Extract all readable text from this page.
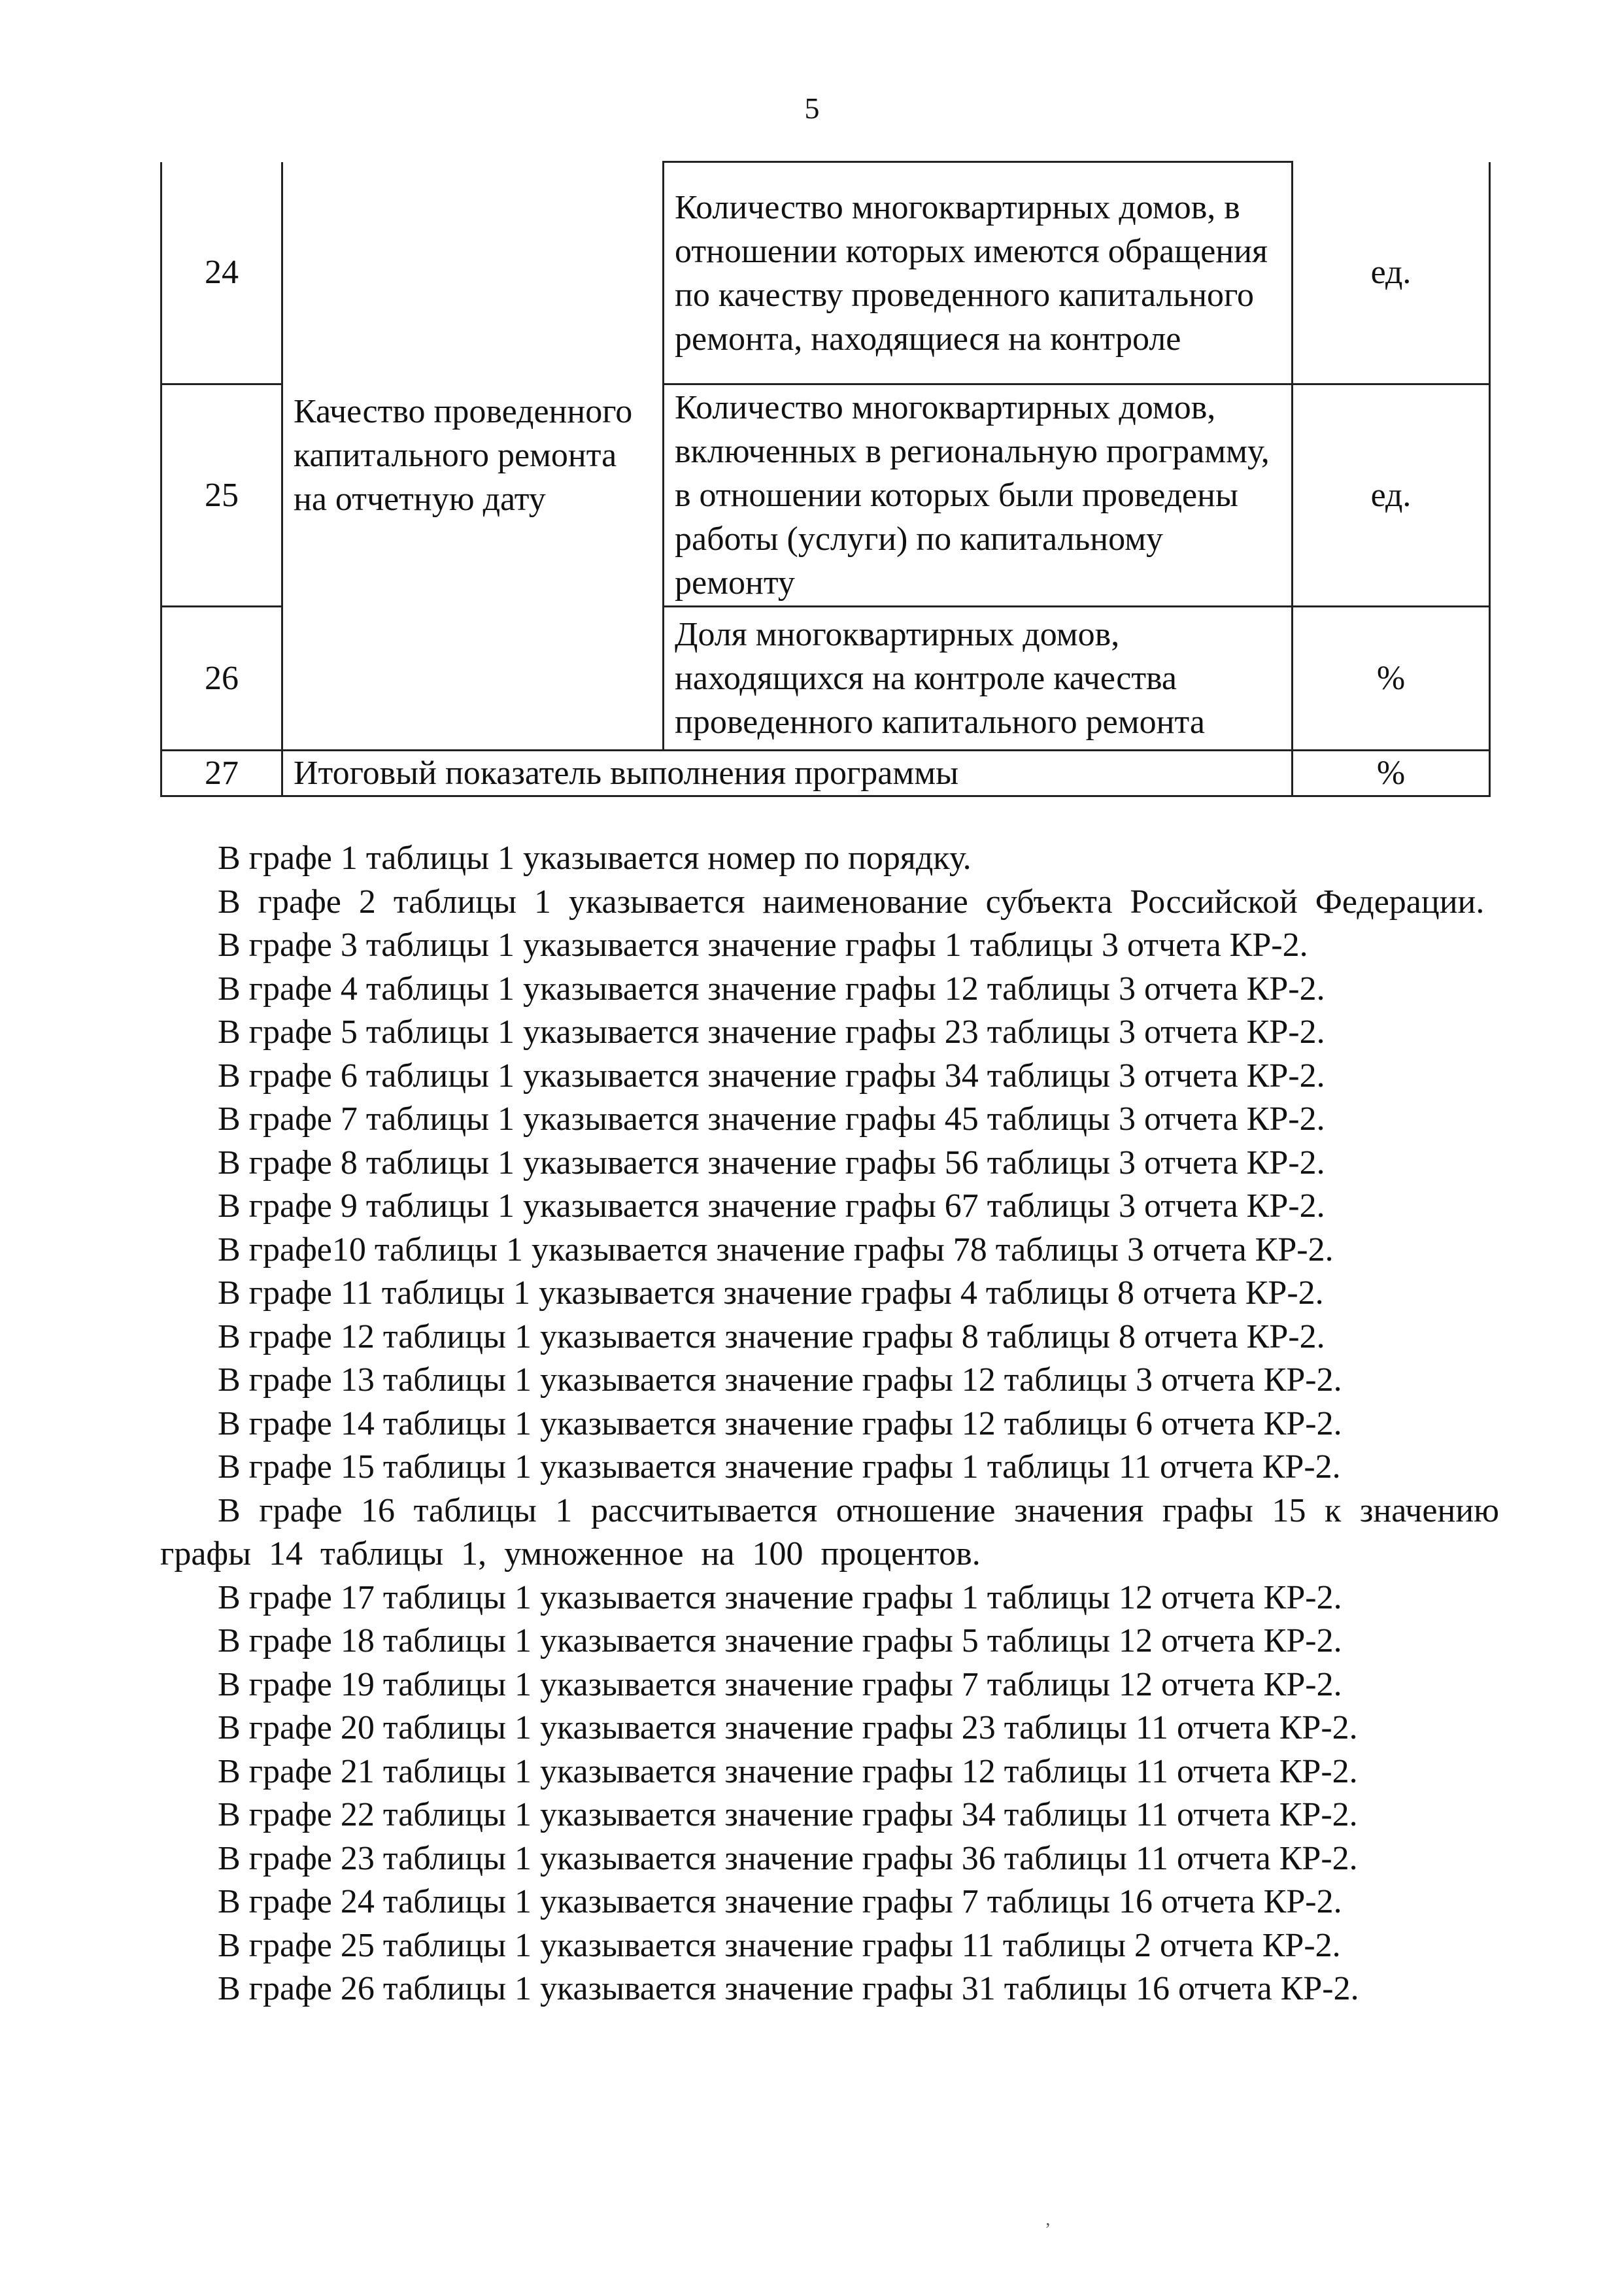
5
24	Качество проведенного капитального ремонта на отчетную дату	Количество многоквартирных домов, в отношении которых имеются обращения по качеству проведенного капитального ремонта, находящиеся на контроле	ед.
25		Количество многоквартирных домов, включенных в региональную программу, в отношении которых были проведены работы (услуги) по капитальному ремонту	ед.
26		Доля многоквартирных домов, находящихся на контроле качества проведенного капитального ремонта	%
27	Итоговый показатель выполнения программы		%

В графе 1 таблицы 1 указывается номер по порядку.

В графе 2 таблицы 1 указывается наименование субъекта Российской Федерации.

В графе 3 таблицы 1 указывается значение графы 1 таблицы 3 отчета КР-2.

В графе 4 таблицы 1 указывается значение графы 12 таблицы 3 отчета КР-2.

В графе 5 таблицы 1 указывается значение графы 23 таблицы 3 отчета КР-2.

В графе 6 таблицы 1 указывается значение графы 34 таблицы 3 отчета КР-2.

В графе 7 таблицы 1 указывается значение графы 45 таблицы 3 отчета КР-2.

В графе 8 таблицы 1 указывается значение графы 56 таблицы 3 отчета КР-2.

В графе 9 таблицы 1 указывается значение графы 67 таблицы 3 отчета КР-2.

В графе10 таблицы 1 указывается значение графы 78 таблицы 3 отчета КР-2.

В графе 11 таблицы 1 указывается значение графы 4 таблицы 8 отчета КР-2.

В графе 12 таблицы 1 указывается значение графы 8 таблицы 8 отчета КР-2.

В графе 13 таблицы 1 указывается значение графы 12 таблицы 3 отчета КР-2.

В графе 14 таблицы 1 указывается значение графы 12 таблицы 6 отчета КР-2.

В графе 15 таблицы 1 указывается значение графы 1 таблицы 11 отчета КР-2.

В графе 16 таблицы 1 рассчитывается отношение значения графы 15 к значению графы 14 таблицы 1, умноженное на 100 процентов.

В графе 17 таблицы 1 указывается значение графы 1 таблицы 12 отчета КР-2.

В графе 18 таблицы 1 указывается значение графы 5 таблицы 12 отчета КР-2.

В графе 19 таблицы 1 указывается значение графы 7 таблицы 12 отчета КР-2.

В графе 20 таблицы 1 указывается значение графы 23 таблицы 11 отчета КР-2.

В графе 21 таблицы 1 указывается значение графы 12 таблицы 11 отчета КР-2.

В графе 22 таблицы 1 указывается значение графы 34 таблицы 11 отчета КР-2.

В графе 23 таблицы 1 указывается значение графы 36 таблицы 11 отчета КР-2.

В графе 24 таблицы 1 указывается значение графы 7 таблицы 16 отчета КР-2.

В графе 25 таблицы 1 указывается значение графы 11 таблицы 2 отчета КР-2.

В графе 26 таблицы 1 указывается значение графы 31 таблицы 16 отчета КР-2.

ʼ
